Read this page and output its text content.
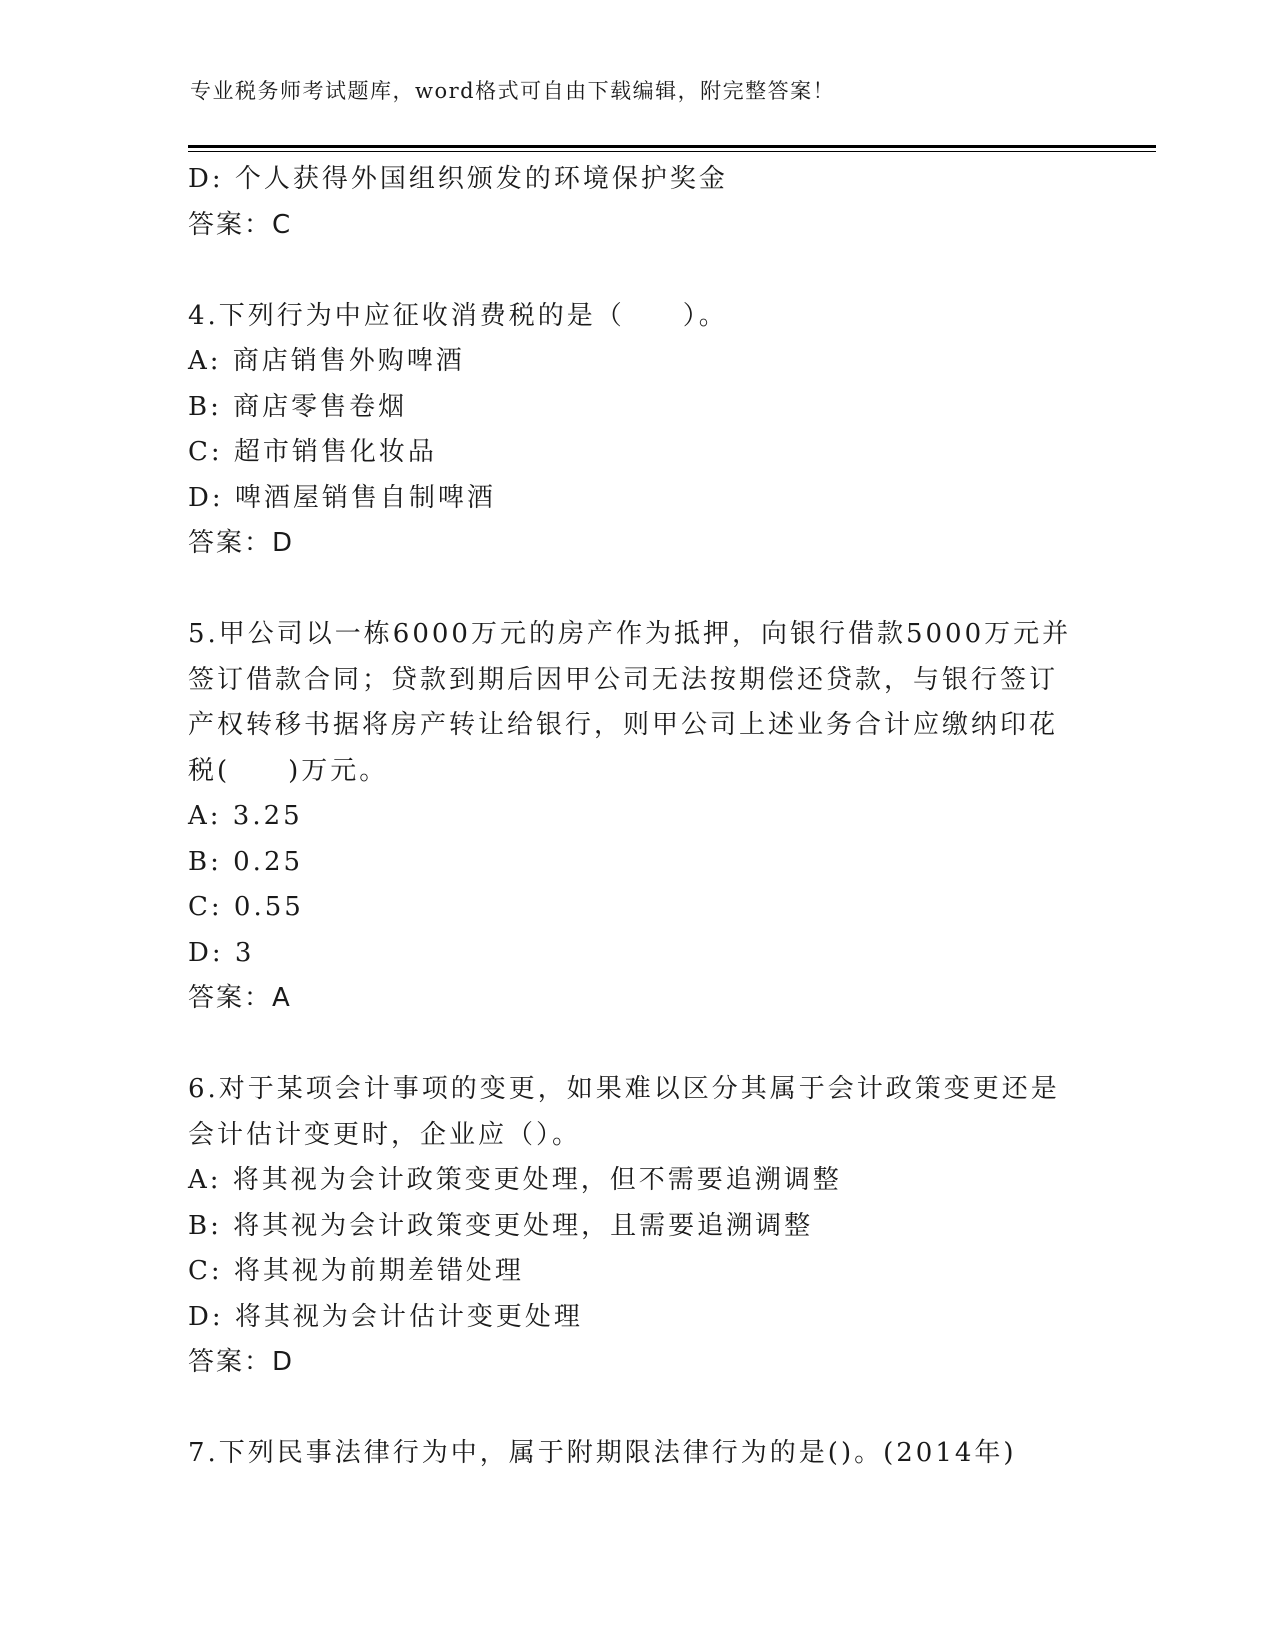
专业税务师考试题库，word格式可自由下载编辑，附完整答案！
D: 个人获得外国组织颁发的环境保护奖金
答案：C
4.下列行为中应征收消费税的是（　　）。
A: 商店销售外购啤酒
B: 商店零售卷烟
C: 超市销售化妆品
D: 啤酒屋销售自制啤酒
答案：D
5.甲公司以一栋6000万元的房产作为抵押，向银行借款5000万元并
签订借款合同；贷款到期后因甲公司无法按期偿还贷款，与银行签订
产权转移书据将房产转让给银行，则甲公司上述业务合计应缴纳印花
税(　　)万元。
A: 3.25
B: 0.25
C: 0.55
D: 3
答案：A
6.对于某项会计事项的变更，如果难以区分其属于会计政策变更还是
会计估计变更时，企业应（）。
A: 将其视为会计政策变更处理，但不需要追溯调整
B: 将其视为会计政策变更处理，且需要追溯调整
C: 将其视为前期差错处理
D: 将其视为会计估计变更处理
答案：D
7.下列民事法律行为中，属于附期限法律行为的是()。(2014年)
